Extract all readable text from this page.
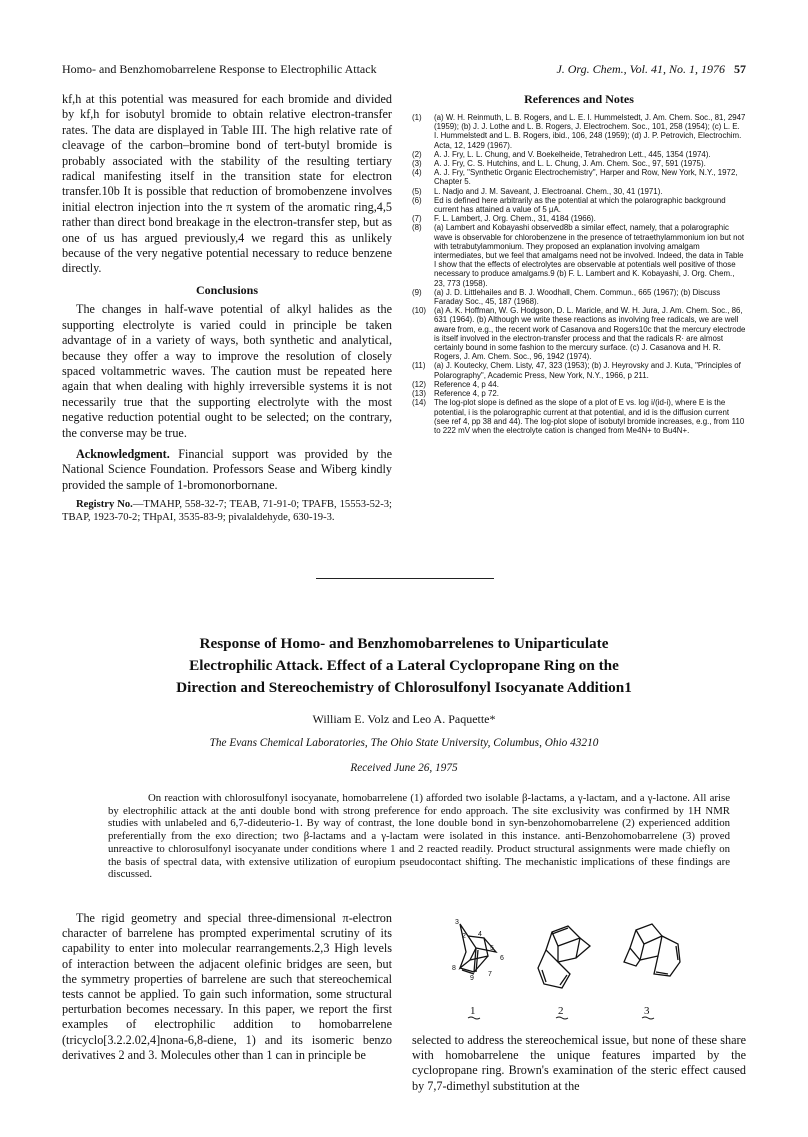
Homo- and Benzhomobarrelene Response to Electrophilic Attack	J. Org. Chem., Vol. 41, No. 1, 1976 57

kf,h at this potential was measured for each bromide and divided by kf,h for isobutyl bromide to obtain relative electron-transfer rates. The data are displayed in Table III. The high relative rate of cleavage of the carbon–bromine bond of tert-butyl bromide is probably associated with the stability of the resulting tertiary radical manifesting itself in the transition state for electron transfer.10b It is possible that reduction of bromobenzene involves initial electron injection into the π system of the aromatic ring,4,5 rather than direct bond breakage in the electron-transfer step, but as one of us has argued previously,4 we regard this as unlikely because of the very negative potential necessary to reduce benzene directly.

Conclusions

The changes in half-wave potential of alkyl halides as the supporting electrolyte is varied could in principle be taken advantage of in a variety of ways, both synthetic and analytical, because they offer a way to improve the resolution of closely spaced voltammetric waves. The caution must be repeated here again that when dealing with highly irreversible systems it is not necessarily true that the supporting electrolyte with the most negative reduction potential ought to be selected; on the contrary, the converse may be true.

Acknowledgment. Financial support was provided by the National Science Foundation. Professors Sease and Wiberg kindly provided the sample of 1-bromonorbornane.

Registry No.—TMAHP, 558-32-7; TEAB, 71-91-0; TPAFB, 15553-52-3; TBAP, 1923-70-2; THpAI, 3535-83-9; pivalaldehyde, 630-19-3.

References and Notes
(1)	(a) W. H. Reinmuth, L. B. Rogers, and L. E. I. Hummelstedt, J. Am. Chem. Soc., 81, 2947 (1959); (b) J. J. Lothe and L. B. Rogers, J. Electrochem. Soc., 101, 258 (1954); (c) L. E. I. Hummelstedt and L. B. Rogers, ibid., 106, 248 (1959); (d) J. P. Petrovich, Electrochim. Acta, 12, 1429 (1967).
(2)	A. J. Fry, L. L. Chung, and V. Boekelheide, Tetrahedron Lett., 445, 1354 (1974).
(3)	A. J. Fry, C. S. Hutchins, and L. L. Chung, J. Am. Chem. Soc., 97, 591 (1975).
(4)	A. J. Fry, "Synthetic Organic Electrochemistry", Harper and Row, New York, N.Y., 1972, Chapter 5.
(5)	L. Nadjo and J. M. Saveant, J. Electroanal. Chem., 30, 41 (1971).
(6)	Ed is defined here arbitrarily as the potential at which the polarographic background current has attained a value of 5 μA.
(7)	F. L. Lambert, J. Org. Chem., 31, 4184 (1966).
(8)	(a) Lambert and Kobayashi observed8b a similar effect, namely, that a polarographic wave is observable for chlorobenzene in the presence of tetraethylammonium ion but not with tetrabutylammonium. They proposed an explanation involving amalgam intermediates, but we feel that amalgams need not be involved. Indeed, the data in Table I show that the effects of electrolytes are observable at potentials well positive of those necessary to produce amalgams.9 (b) F. L. Lambert and K. Kobayashi, J. Org. Chem., 23, 773 (1958).
(9)	(a) J. D. Littlehailes and B. J. Woodhall, Chem. Commun., 665 (1967); (b) Discuss Faraday Soc., 45, 187 (1968).
(10)	(a) A. K. Hoffman, W. G. Hodgson, D. L. Maricle, and W. H. Jura, J. Am. Chem. Soc., 86, 631 (1964). (b) Although we write these reactions as involving free radicals, we are well aware from, e.g., the recent work of Casanova and Rogers10c that the mercury electrode is itself involved in the electron-transfer process and that the radicals R· are almost certainly bound in some fashion to the mercury surface. (c) J. Casanova and H. R. Rogers, J. Am. Chem. Soc., 96, 1942 (1974).
(11)	(a) J. Koutecky, Chem. Listy, 47, 323 (1953); (b) J. Heyrovsky and J. Kuta, "Principles of Polarography", Academic Press, New York, N.Y., 1966, p 211.
(12)	Reference 4, p 44.
(13)	Reference 4, p 72.
(14)	The log-plot slope is defined as the slope of a plot of E vs. log i/(id-i), where E is the potential, i is the polarographic current at that potential, and id is the diffusion current (see ref 4, pp 38 and 44). The log-plot slope of isobutyl bromide increases, e.g., from 110 to 222 mV when the electrolyte cation is changed from Me4N+ to Bu4N+.
Response of Homo- and Benzhomobarrelenes to Uniparticulate
Electrophilic Attack. Effect of a Lateral Cyclopropane Ring on the
Direction and Stereochemistry of Chlorosulfonyl Isocyanate Addition1
William E. Volz and Leo A. Paquette*
The Evans Chemical Laboratories, The Ohio State University, Columbus, Ohio 43210
Received June 26, 1975
On reaction with chlorosulfonyl isocyanate, homobarrelene (1) afforded two isolable β-lactams, a γ-lactam, and a γ-lactone. All arise by electrophilic attack at the anti double bond with strong preference for endo approach. The site exclusivity was confirmed by 1H NMR studies with unlabeled and 6,7-dideuterio-1. By way of contrast, the lone double bond in syn-benzohomobarrelene (2) experienced addition preferentially from the exo direction; two β-lactams and a γ-lactam were isolated in this instance. anti-Benzohomobarrelene (3) proved unreactive to chlorosulfonyl isocyanate under conditions where 1 and 2 reacted readily. Product structural assignments were made chiefly on the basis of spectral data, with extensive utilization of europium pseudocontact shifting. The mechanistic implications of these findings are discussed.
The rigid geometry and special three-dimensional π-electron character of barrelene has prompted experimental scrutiny of its capability to enter into molecular rearrangements.2,3 High levels of interaction between the adjacent olefinic bridges are seen, but the symmetry properties of barrelene are such that stereochemical tests cannot be applied. To gain such information, some structural perturbation becomes necessary. In this paper, we report the first examples of electrophilic addition to homobarrelene (tricyclo[3.2.2.02,4]nona-6,8-diene, 1) and its isomeric benzo derivatives 2 and 3. Molecules other than 1 can in principle be
3
2 4
5
6
8
9
7
1	2	3
selected to address the stereochemical issue, but none of these share with homobarrelene the unique features imparted by the cyclopropane ring. Brown's examination of the steric effect caused by 7,7-dimethyl substitution at the
